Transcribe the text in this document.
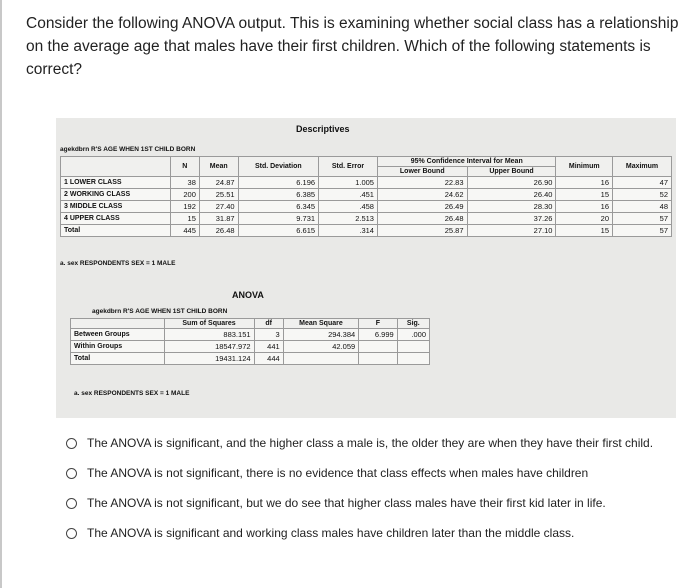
Consider the following ANOVA output. This is examining whether social class has a relationship on the average age that males have their first children. Which of the following statements is correct?
Descriptives
agekdbrn R'S AGE WHEN 1ST CHILD BORN
	N	Mean	Std. Deviation	Std. Error	95% Confidence Interval for Mean		Minimum	Maximum
					Lower Bound	Upper Bound		
1 LOWER CLASS	38	24.87	6.196	1.005	22.83	26.90	16	47
2 WORKING CLASS	200	25.51	6.385	.451	24.62	26.40	15	52
3 MIDDLE CLASS	192	27.40	6.345	.458	26.49	28.30	16	48
4 UPPER CLASS	15	31.87	9.731	2.513	26.48	37.26	20	57
Total	445	26.48	6.615	.314	25.87	27.10	15	57
a. sex RESPONDENTS SEX = 1 MALE
ANOVA
agekdbrn R'S AGE WHEN 1ST CHILD BORN
	Sum of Squares	df	Mean Square	F	Sig.
Between Groups	883.151	3	294.384	6.999	.000
Within Groups	18547.972	441	42.059		
Total	19431.124	444			
a. sex RESPONDENTS SEX = 1 MALE
The ANOVA is significant, and the higher class a male is, the older they are when they have their first child.
The ANOVA is not significant, there is no evidence that class effects when males have children
The ANOVA is not significant, but we do see that higher class males have their first kid later in life.
The ANOVA is significant and working class males have children later than the middle class.
